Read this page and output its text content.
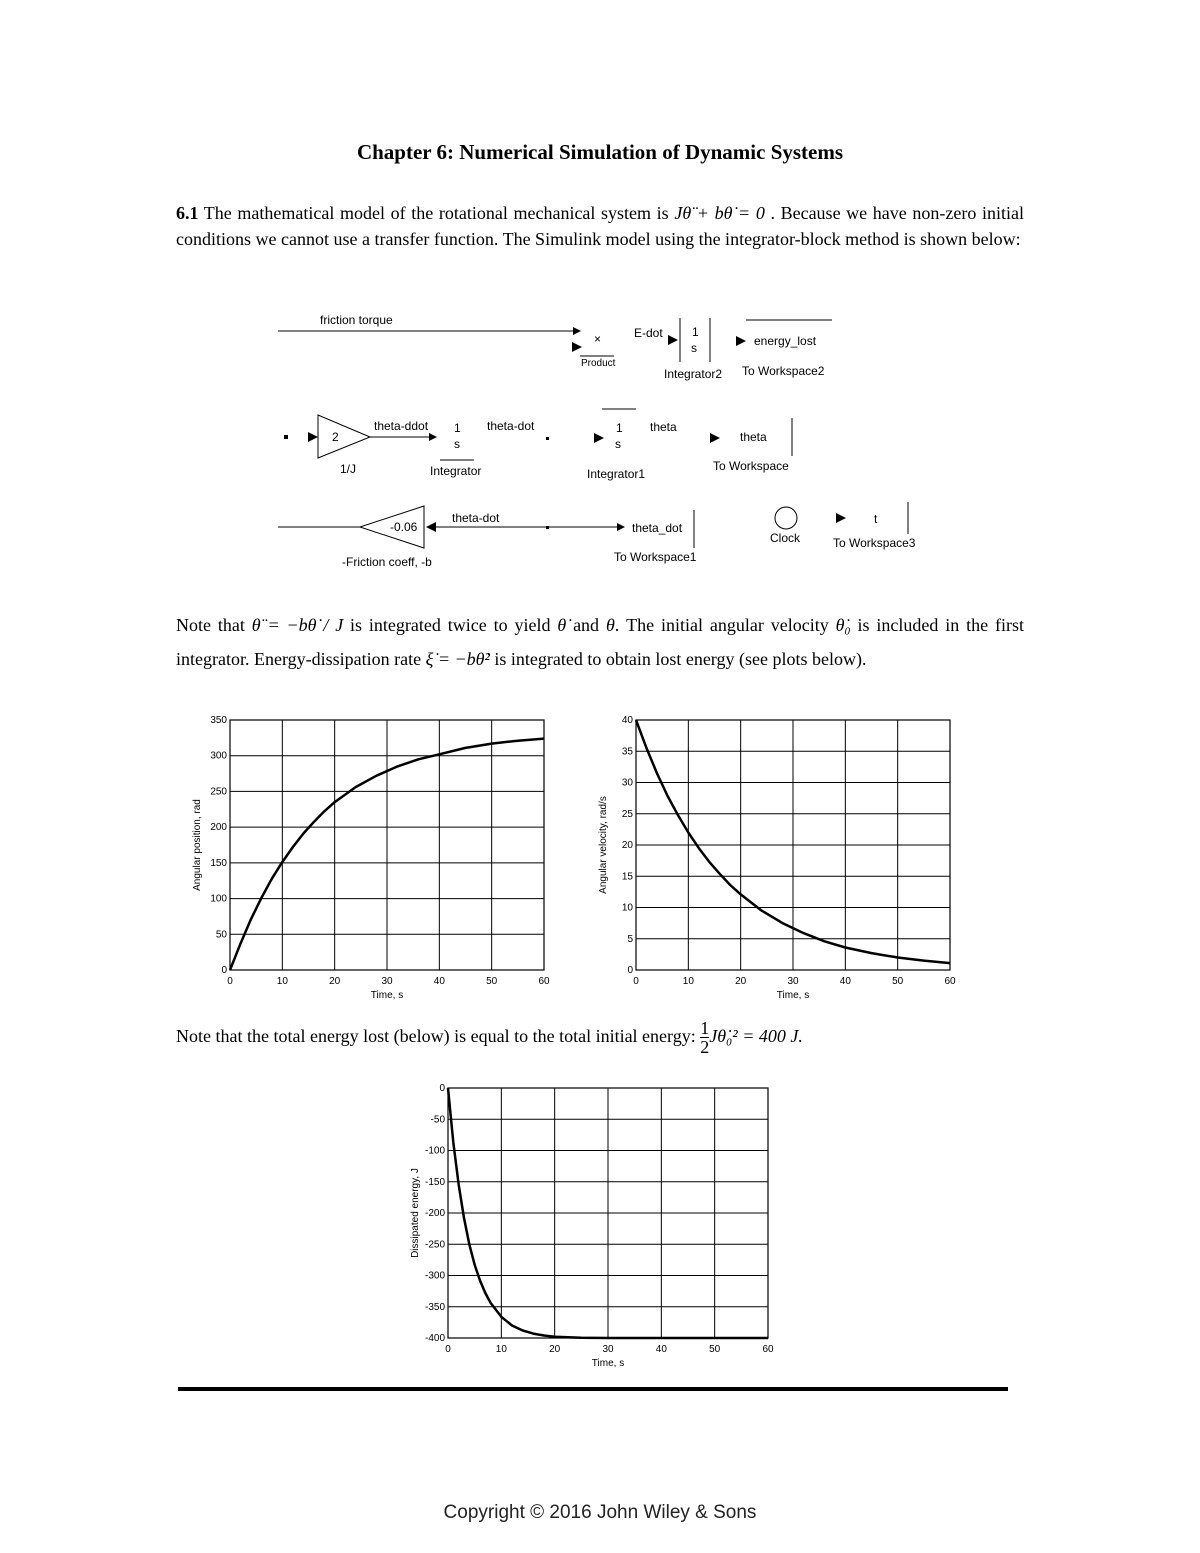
Chapter 6: Numerical Simulation of Dynamic Systems
6.1 The mathematical model of the rotational mechanical system is Jθ̈ + bθ̇ = 0 . Because we have non-zero initial conditions we cannot use a transfer function. The Simulink model using the integrator-block method is shown below:
friction torque
×
Product
E-dot 1
s
Integrator2
energy_lost
To Workspace2
2
1/J
theta-ddot 1
s
Integrator
theta-dot	1
s
Integrator1
theta
theta
To Workspace
-0.06
-Friction coeff, -b
theta-dot
theta_dot
To Workspace1
Clock
t
To Workspace3
Note that θ̈ = −bθ̇ / J is integrated twice to yield θ̇ and θ. The initial angular velocity θ̇₀ is included in the first integrator. Energy-dissipation rate ξ̇ = −bθ̇² is integrated to obtain lost energy (see plots below).
0	10	20	30	40	50	60
0
50
100
150
200
250
300
350
Time, s
Angular position, rad
0	10	20	30	40	50	60
0
5
10
15
20
25
30
35
40
Time, s
Angular velocity, rad/s
Note that the total energy lost (below) is equal to the total initial energy: $\frac{1}{2}$ Jθ̇₀² = 400 J.
0	10	20	30	40	50	60
0
-50
-100
-150
-200
-250
-300
-350
-400
Time, s
Dissipated energy, J
Copyright © 2016 John Wiley & Sons
